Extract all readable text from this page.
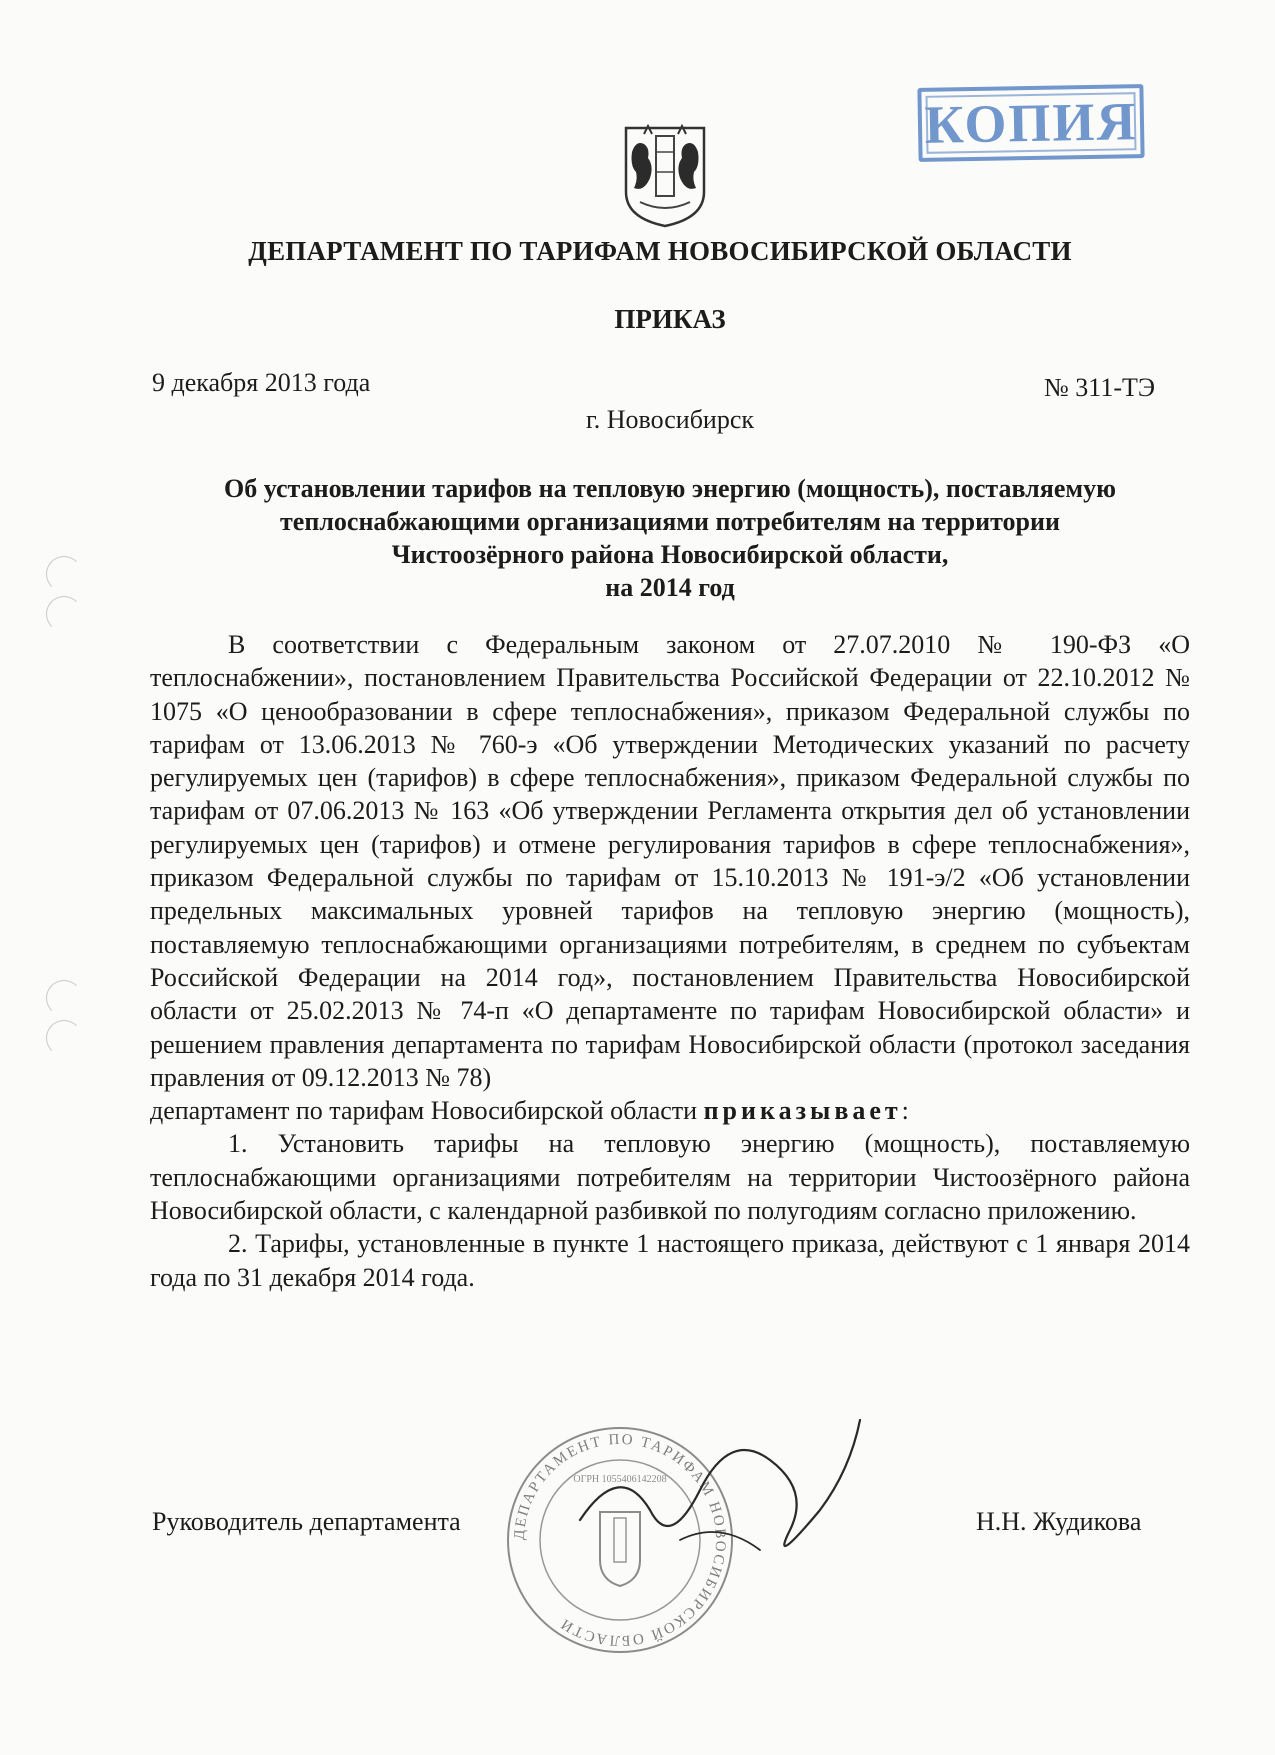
КОПИЯ
ДЕПАРТАМЕНТ ПО ТАРИФАМ НОВОСИБИРСКОЙ ОБЛАСТИ
ПРИКАЗ
9 декабря 2013 года	№ 311-ТЭ
г. Новосибирск
Об установлении тарифов на тепловую энергию (мощность), поставляемую
теплоснабжающими организациями потребителям на территории
Чистоозёрного района Новосибирской области,
на 2014 год

В соответствии с Федеральным законом от 27.07.2010 № 190-ФЗ «О теплоснабжении», постановлением Правительства Российской Федерации от 22.10.2012 № 1075 «О ценообразовании в сфере теплоснабжения», приказом Федеральной службы по тарифам от 13.06.2013 № 760-э «Об утверждении Методических указаний по расчету регулируемых цен (тарифов) в сфере теплоснабжения», приказом Федеральной службы по тарифам от 07.06.2013 № 163 «Об утверждении Регламента открытия дел об установлении регулируемых цен (тарифов) и отмене регулирования тарифов в сфере теплоснабжения», приказом Федеральной службы по тарифам от 15.10.2013 № 191-э/2 «Об установлении предельных максимальных уровней тарифов на тепловую энергию (мощность), поставляемую теплоснабжающими организациями потребителям, в среднем по субъектам Российской Федерации на 2014 год», постановлением Правительства Новосибирской области от 25.02.2013 № 74-п «О департаменте по тарифам Новосибирской области» и решением правления департамента по тарифам Новосибирской области (протокол заседания правления от 09.12.2013 № 78)

департамент по тарифам Новосибирской области приказывает:

1. Установить тарифы на тепловую энергию (мощность), поставляемую теплоснабжающими организациями потребителям на территории Чистоозёрного района Новосибирской области, с календарной разбивкой по полугодиям согласно приложению.

2. Тарифы, установленные в пункте 1 настоящего приказа, действуют с 1 января 2014 года по 31 декабря 2014 года.

Руководитель департамента	Н.Н. Жудикова
ДЕПАРТАМЕНТ ПО ТАРИФАМ НОВОСИБИРСКОЙ ОБЛАСТИ
ОГРН 1055406142208
